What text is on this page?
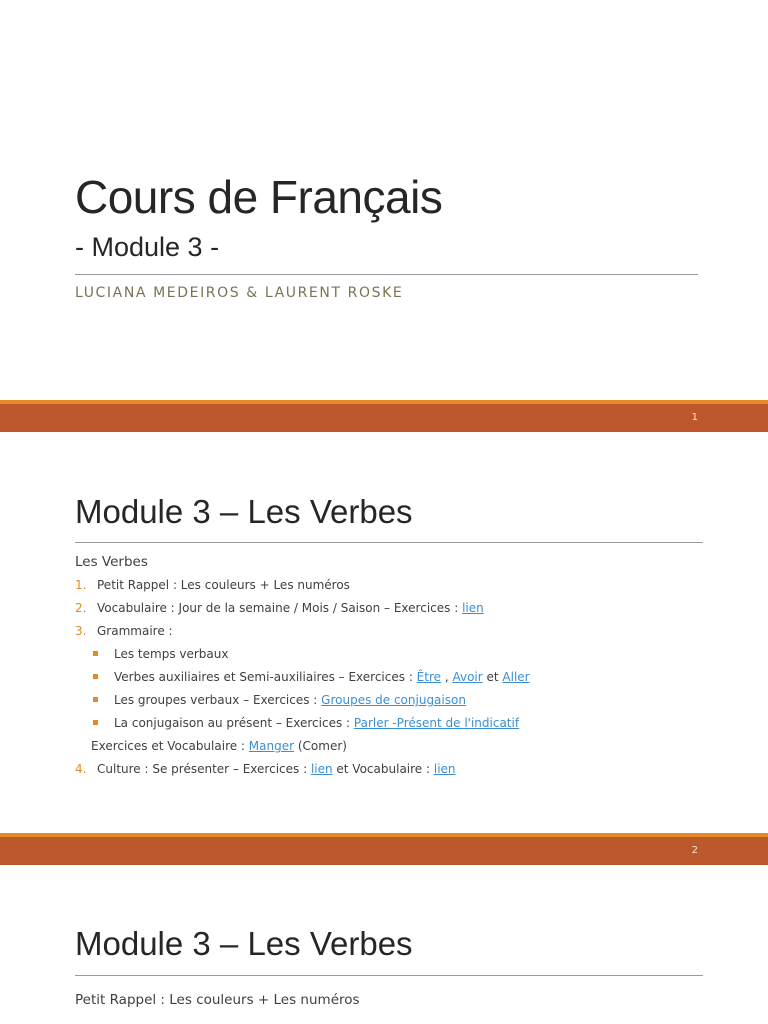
Cours de Français
- Module 3 -
LUCIANA MEDEIROS & LAURENT ROSKE
1
Module 3 – Les Verbes
Les Verbes
1. Petit Rappel : Les couleurs + Les numéros
2. Vocabulaire : Jour de la semaine / Mois / Saison – Exercices : lien
3. Grammaire :
Les temps verbaux
Verbes auxiliaires et Semi-auxiliaires – Exercices : Être , Avoir et Aller
Les groupes verbaux – Exercices : Groupes de conjugaison
La conjugaison au présent – Exercices : Parler -Présent de l'indicatif
Exercices et Vocabulaire : Manger (Comer)
4. Culture : Se présenter – Exercices : lien et Vocabulaire : lien
2
Module 3 – Les Verbes
Petit Rappel : Les couleurs + Les numéros
